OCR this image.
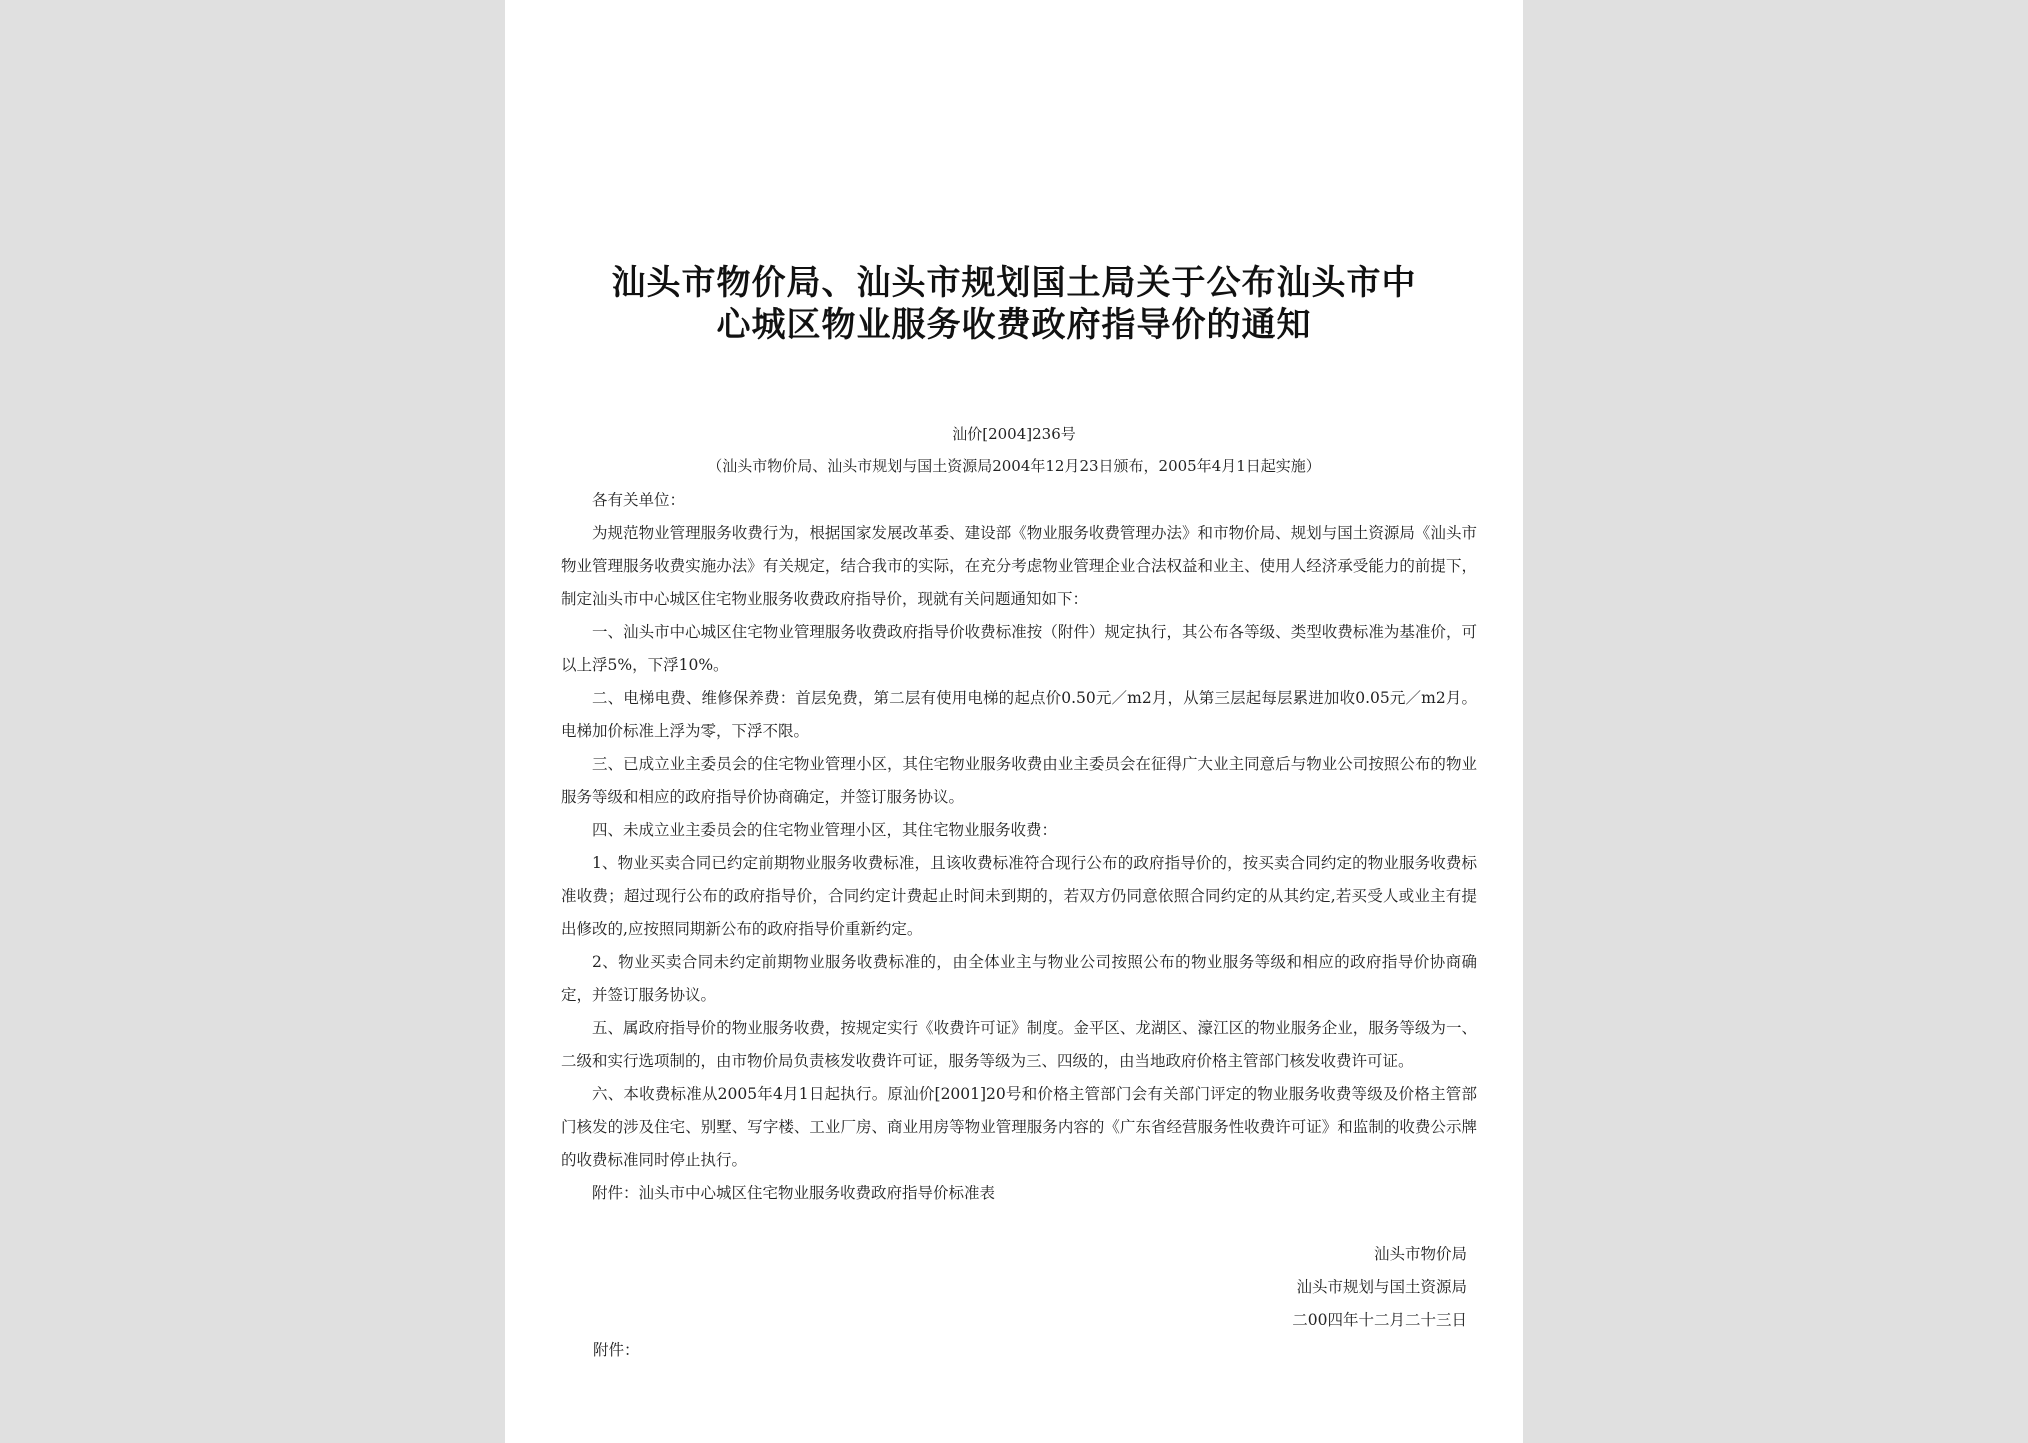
汕头市物价局、汕头市规划国土局关于公布汕头市中心城区物业服务收费政府指导价的通知
汕价[2004]236号
（汕头市物价局、汕头市规划与国土资源局2004年12月23日颁布，2005年4月1日起实施）

各有关单位：

为规范物业管理服务收费行为，根据国家发展改革委、建设部《物业服务收费管理办法》和市物价局、规划与国土资源局《汕头市物业管理服务收费实施办法》有关规定，结合我市的实际，在充分考虑物业管理企业合法权益和业主、使用人经济承受能力的前提下，制定汕头市中心城区住宅物业服务收费政府指导价，现就有关问题通知如下：

一、汕头市中心城区住宅物业管理服务收费政府指导价收费标准按（附件）规定执行，其公布各等级、类型收费标准为基准价，可以上浮5%，下浮10%。

二、电梯电费、维修保养费：首层免费，第二层有使用电梯的起点价0.50元／m2月，从第三层起每层累进加收0.05元／m2月。电梯加价标准上浮为零，下浮不限。

三、已成立业主委员会的住宅物业管理小区，其住宅物业服务收费由业主委员会在征得广大业主同意后与物业公司按照公布的物业服务等级和相应的政府指导价协商确定，并签订服务协议。

四、未成立业主委员会的住宅物业管理小区，其住宅物业服务收费：

1、物业买卖合同已约定前期物业服务收费标准，且该收费标准符合现行公布的政府指导价的，按买卖合同约定的物业服务收费标准收费；超过现行公布的政府指导价，合同约定计费起止时间未到期的，若双方仍同意依照合同约定的从其约定,若买受人或业主有提出修改的,应按照同期新公布的政府指导价重新约定。

2、物业买卖合同未约定前期物业服务收费标准的，由全体业主与物业公司按照公布的物业服务等级和相应的政府指导价协商确定，并签订服务协议。

五、属政府指导价的物业服务收费，按规定实行《收费许可证》制度。金平区、龙湖区、濠江区的物业服务企业，服务等级为一、二级和实行选项制的，由市物价局负责核发收费许可证，服务等级为三、四级的，由当地政府价格主管部门核发收费许可证。

六、本收费标准从2005年4月1日起执行。原汕价[2001]20号和价格主管部门会有关部门评定的物业服务收费等级及价格主管部门核发的涉及住宅、别墅、写字楼、工业厂房、商业用房等物业管理服务内容的《广东省经营服务性收费许可证》和监制的收费公示牌的收费标准同时停止执行。

附件：汕头市中心城区住宅物业服务收费政府指导价标准表

汕头市物价局
汕头市规划与国土资源局
二00四年十二月二十三日
附件：
